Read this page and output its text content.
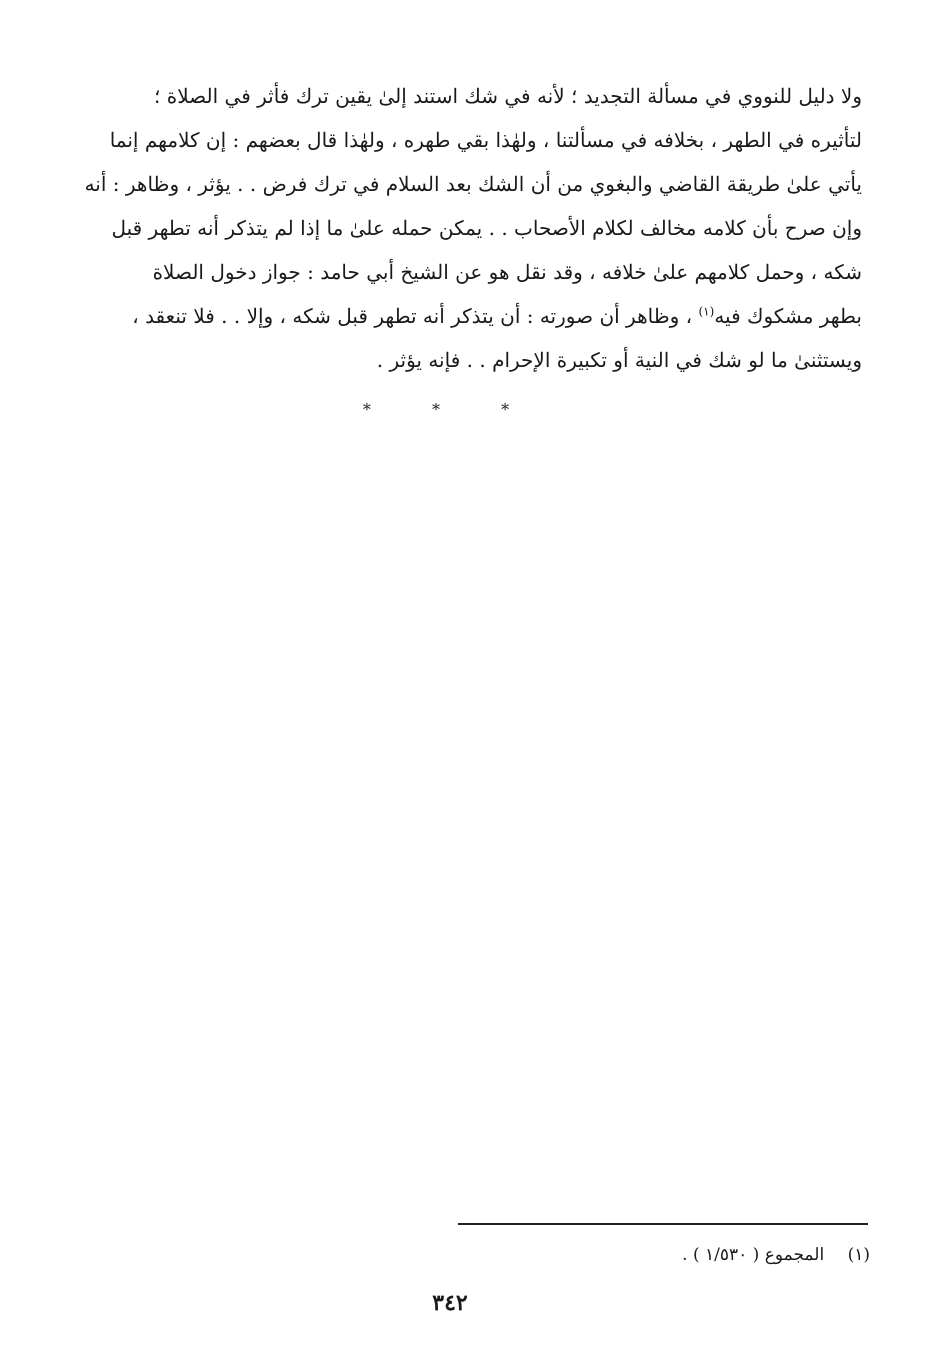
ولا دليل للنووي في مسألة التجديد ؛ لأنه في شك استند إلىٰ يقين ترك فأثر في الصلاة ؛
لتأثيره في الطهر ، بخلافه في مسألتنا ، ولهٰذا بقي طهره ، ولهٰذا قال بعضهم : إن كلامهم إنما
يأتي علىٰ طريقة القاضي والبغوي من أن الشك بعد السلام في ترك فرض . . يؤثر ، وظاهر : أنه
وإن صرح بأن كلامه مخالف لكلام الأصحاب . . يمكن حمله علىٰ ما إذا لم يتذكر أنه تطهر قبل
شكه ، وحمل كلامهم علىٰ خلافه ، وقد نقل هو عن الشيخ أبي حامد : جواز دخول الصلاة
بطهر مشكوك فيه$^{(١)}$ ، وظاهر أن صورته : أن يتذكر أنه تطهر قبل شكه ، وإلا . . فلا تنعقد ،
ويستثنىٰ ما لو شك في النية أو تكبيرة الإحرام . . فإنه يؤثر .
* * *
(١) المجموع ( ١/٥٣٠ ) .
٣٤٢
